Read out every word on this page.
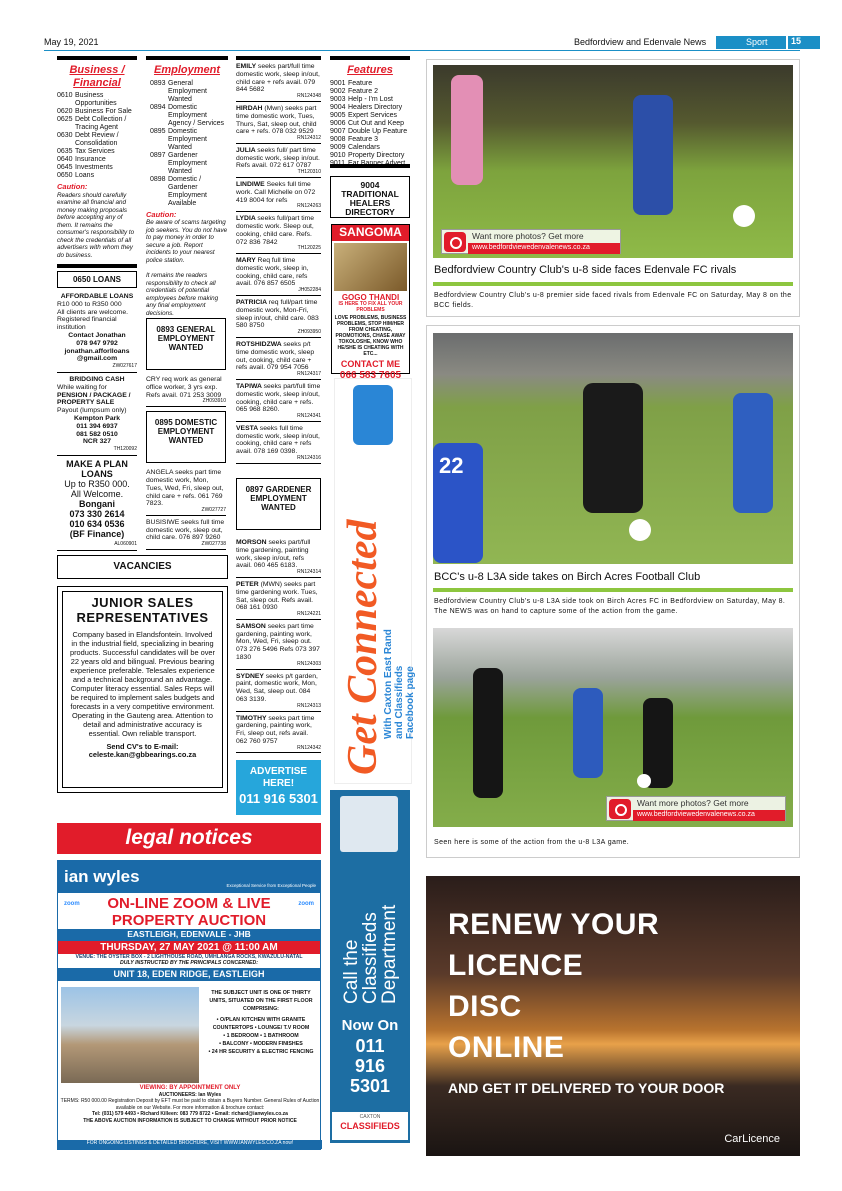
May 19, 2021	Bedfordview and Edenvale News	Sport	15
Business /
Financial
0610 Business Opportunities
0620 Business For Sale
0625 Debt Collection / Tracing Agent
0630 Debt Review / Consolidation
0635 Tax Services
0640 Insurance
0645 Investments
0650 Loans
Caution:
Readers should carefully examine all financial and money making proposals before accepting any of them. It remains the consumer's responsibility to check the credentials of all advertisers with whom they do business.
Employment
0893 General Employment Wanted
0894 Domestic Employment Agency / Services
0895 Domestic Employment Wanted
0897 Gardener Employment Wanted
0898 Domestic / Gardener Employment Available
Caution:
Be aware of scams targeting job seekers. You do not have to pay money in order to secure a job. Report incidents to your nearest police station.
It remains the readers responsibility to check all credentials of potential employees before making any final employment decisions.
Features
9001 Feature
9002 Feature 2
9003 Help - I'm Lost
9004 Healers Directory
9005 Expert Services
9006 Cut Out and Keep
9007 Double Up Feature
9008 Feature 3
9009 Calendars
9010 Property Directory
0650 LOANS
AFFORDABLE LOANS
R10 000 to R350 000
All clients are welcome.
Registered financial institution
Contact Jonathan
078 947 9792
jonathan.afforlloans
@gmail.com
ZW027617
BRIDGING CASH
While waiting for
PENSION / PACKAGE /
PROPERTY SALE
Payout (lumpsum only)
Kempton Park
011 394 6937
081 582 0510
NCR 327
TH120092
MAKE A PLAN
LOANS
Up to R350 000.
All Welcome.
Bongani
073 330 2614
010 634 0536
(BF Finance)
AL060901
0893 GENERAL EMPLOYMENT WANTED
CRY req work as general office worker, 3 yrs exp. Refs avail. 071 253 3009
ZH093910
0895 DOMESTIC EMPLOYMENT WANTED
ANGELA seeks part time domestic work, Mon, Tues, Wed, Fri, sleep out, child care + refs. 061 769 7823.
ZW027727
BUSISIWE seeks full time domestic work, sleep out, child care. 076 897 9260
ZW027738
VACANCIES
JUNIOR SALES
REPRESENTATIVES
Company based in Elandsfontein. Involved in the industrial field, specializing in bearing products. Successful candidates will be over 22 years old and bilingual. Previous bearing experience preferable. Telesales experience and a technical background an advantage. Computer literacy essential. Sales Reps will be required to implement sales budgets and forecasts in a very competitive environment. Operating in the Gauteng area. Attention to detail and administrative accuracy is essential. Own reliable transport.
Send CV's to E-mail:
celeste.kan@gbbearings.co.za
EMILY seeks part/full time domestic work, sleep in/out, child care + refs avail. 079 844 5682
RN124348
HIRDAH (Mwn) seeks part time domestic work, Tues, Thurs, Sat, sleep out, child care + refs. 078 032 9529
RN124312
JULIA seeks full/ part time domestic work, sleep in/out. Refs avail. 072 617 0787
TH120310
LINDIWE Seeks full time work. Call Michelle on 072 419 8004 for refs
RN124263
LYDIA seeks full/part time domestic work. Sleep out, cooking, child care. Refs. 072 836 7842
TH120225
MARY Req full time domestic work, sleep in, cooking, child care, refs avail. 076 857 6505
JH052284
PATRICIA req full/part time domestic work, Mon-Fri, sleep in/out, child care. 083 580 8750
ZH093950
ROTSHIDZWA seeks p/t time domestic work, sleep out, cooking, child care + refs avail. 079 954 7056
RN124317
TAPIWA seeks part/full time domestic work, sleep in/out, cooking, child care + refs. 065 968 8260.
RN124341
VESTA seeks full time domestic work, sleep in/out, cooking, child care + refs avail. 078 169 0398.
RN124316
0897 GARDENER EMPLOYMENT WANTED
MORSON seeks part/full time gardening, painting work, sleep in/out, refs avail. 060 465 6183.
RN124314
PETER (MWN) seeks part time gardening work. Tues, Sat, sleep out. Refs avail. 068 161 0930
RN124221
SAMSON seeks part time gardening, painting work, Mon, Wed, Fri, sleep out. 073 276 5496 Refs 073 397 1830
RN124303
SYDNEY seeks p/t garden, paint, domestic work, Mon, Wed, Sat, sleep out. 084 063 3139.
RN124313
TIMOTHY seeks part time gardening, painting work, Fri, sleep out, refs avail. 062 760 9757
RN124342
ADVERTISE HERE!
011 916 5301
9004 TRADITIONAL HEALERS DIRECTORY
SANGOMA
GOGO THANDI
IS HERE TO FIX ALL YOUR PROBLEMS
LOVE PROBLEMS, BUSINESS PROBLEMS, STOP HIM/HER FROM CHEATING, PROMOTIONS, CHASE AWAY TOKOLOSHE, KNOW WHO HE/SHE IS CHEATING WITH ETC...
CONTACT ME
066 583 7605
Get Connected
With Caxton East Rand and Classifieds Facebook page
Call the
Classifieds
Department
Now On
011
916
5301
CAXTON
CLASSIFIEDS
legal notices
ian wyles	Exceptional Service from Exceptional People
zoom	zoom
ON-LINE ZOOM & LIVE
PROPERTY AUCTION
EASTLEIGH, EDENVALE - JHB
THURSDAY, 27 MAY 2021 @ 11:00 AM
VENUE: THE OYSTER BOX - 2 LIGHTHOUSE ROAD, UMHLANGA ROCKS, KWAZULU-NATAL
DULY INSTRUCTED BY THE PRINCIPALS CONCERNED:
UNIT 18, EDEN RIDGE, EASTLEIGH
THE SUBJECT UNIT IS ONE OF THIRTY UNITS, SITUATED ON THE FIRST FLOOR COMPRISING:
• O/PLAN KITCHEN WITH GRANITE COUNTERTOPS • LOUNGE/ T.V ROOM
• 1 BEDROOM • 1 BATHROOM
• BALCONY • MODERN FINISHES
• 24 HR SECURITY & ELECTRIC FENCING
VIEWING: BY APPOINTMENT ONLY
AUCTIONEERS: Ian Wyles
TERMS: R50 000.00 Registration Deposit by EFT must be paid to obtain a Buyers Number. General Rules of Auction available on our Website. For more information & brochure contact:
Tel: (031) 579 4493 • Richard Killeen: 083 779 8722 • Email: richard@ianwyles.co.za
THE ABOVE AUCTION INFORMATION IS SUBJECT TO CHANGE WITHOUT PRIOR NOTICE
FOR ONGOING LISTINGS & DETAILED BROCHURE, VISIT WWW.IANWYLES.CO.ZA now!
Want more photos? Get more
www.bedfordviewedenvalenews.co.za
Bedfordview Country Club's u-8 side faces Edenvale FC rivals
Bedfordview Country Club's u-8 premier side faced rivals from Edenvale FC on Saturday, May 8 on the BCC fields.
22
BCC's u-8 L3A side takes on Birch Acres Football Club
Bedfordview Country Club's u-8 L3A side took on Birch Acres FC in Bedfordview on Saturday, May 8. The NEWS was on hand to capture some of the action from the game.
Want more photos? Get more
www.bedfordviewedenvalenews.co.za
Seen here is some of the action from the u-8 L3A game.
RENEW YOUR
LICENCE
DISC
ONLINE
AND GET IT DELIVERED TO YOUR DOOR
CarLicence
